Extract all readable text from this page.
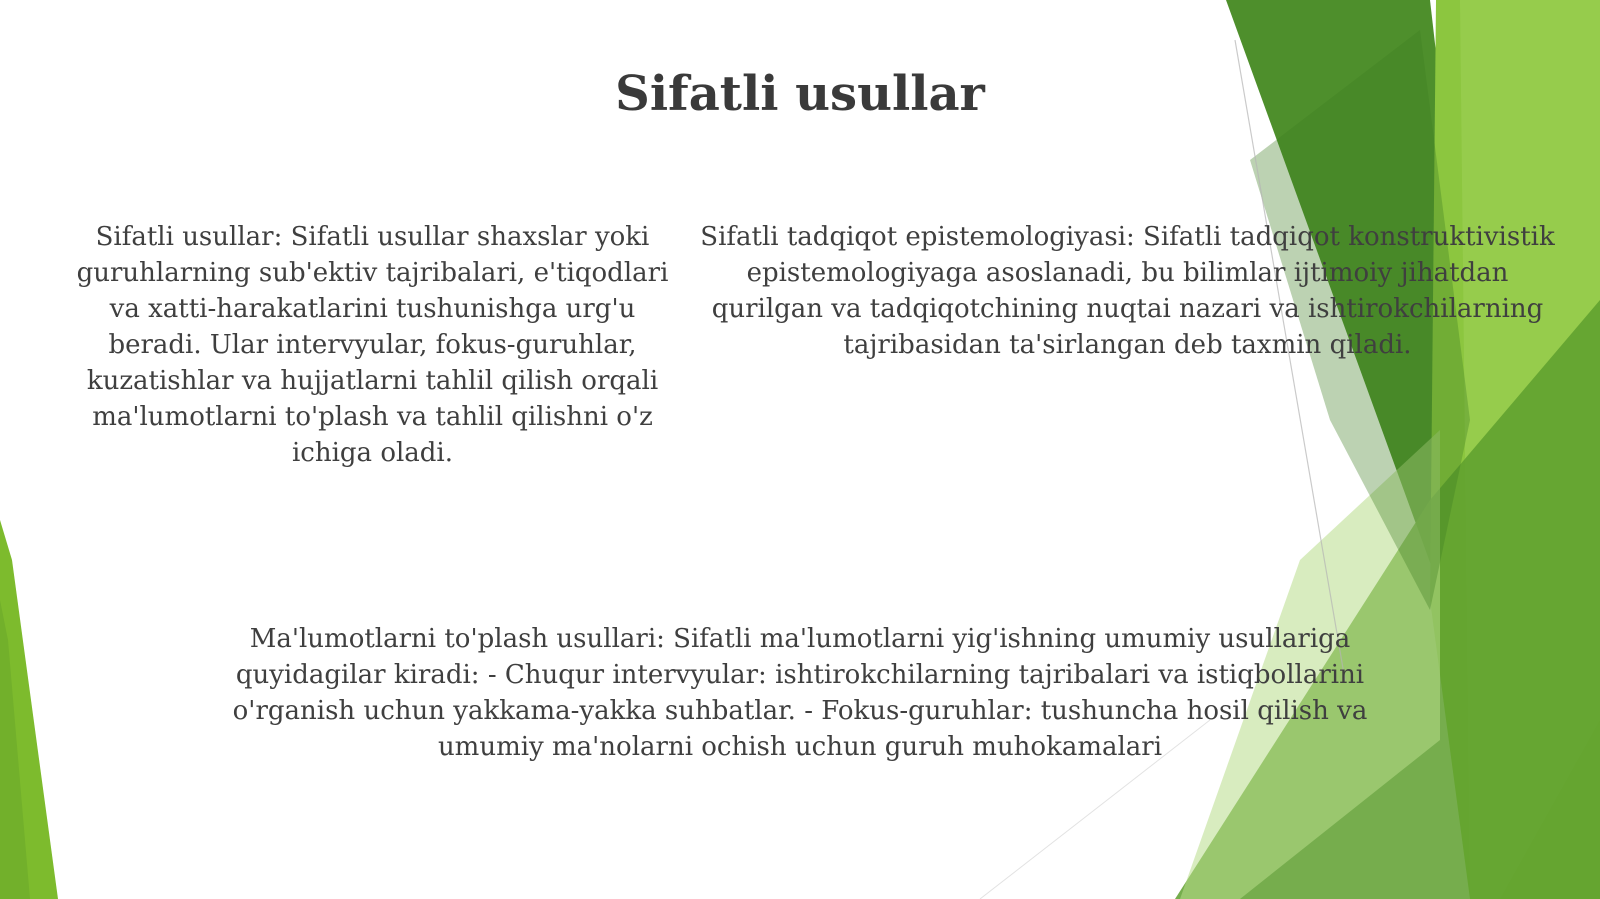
Sifatli usullar

Sifatli usullar: Sifatli usullar shaxslar yoki guruhlarning sub'ektiv tajribalari, e'tiqodlari va xatti-harakatlarini tushunishga urg'u beradi. Ular intervyular, fokus-guruhlar, kuzatishlar va hujjatlarni tahlil qilish orqali ma'lumotlarni to'plash va tahlil qilishni o'z ichiga oladi.

Sifatli tadqiqot epistemologiyasi: Sifatli tadqiqot konstruktivistik epistemologiyaga asoslanadi, bu bilimlar ijtimoiy jihatdan qurilgan va tadqiqotchining nuqtai nazari va ishtirokchilarning tajribasidan ta'sirlangan deb taxmin qiladi.

Ma'lumotlarni to'plash usullari: Sifatli ma'lumotlarni yig'ishning umumiy usullariga quyidagilar kiradi: - Chuqur intervyular: ishtirokchilarning tajribalari va istiqbollarini o'rganish uchun yakkama-yakka suhbatlar. - Fokus-guruhlar: tushuncha hosil qilish va umumiy ma'nolarni ochish uchun guruh muhokamalari
